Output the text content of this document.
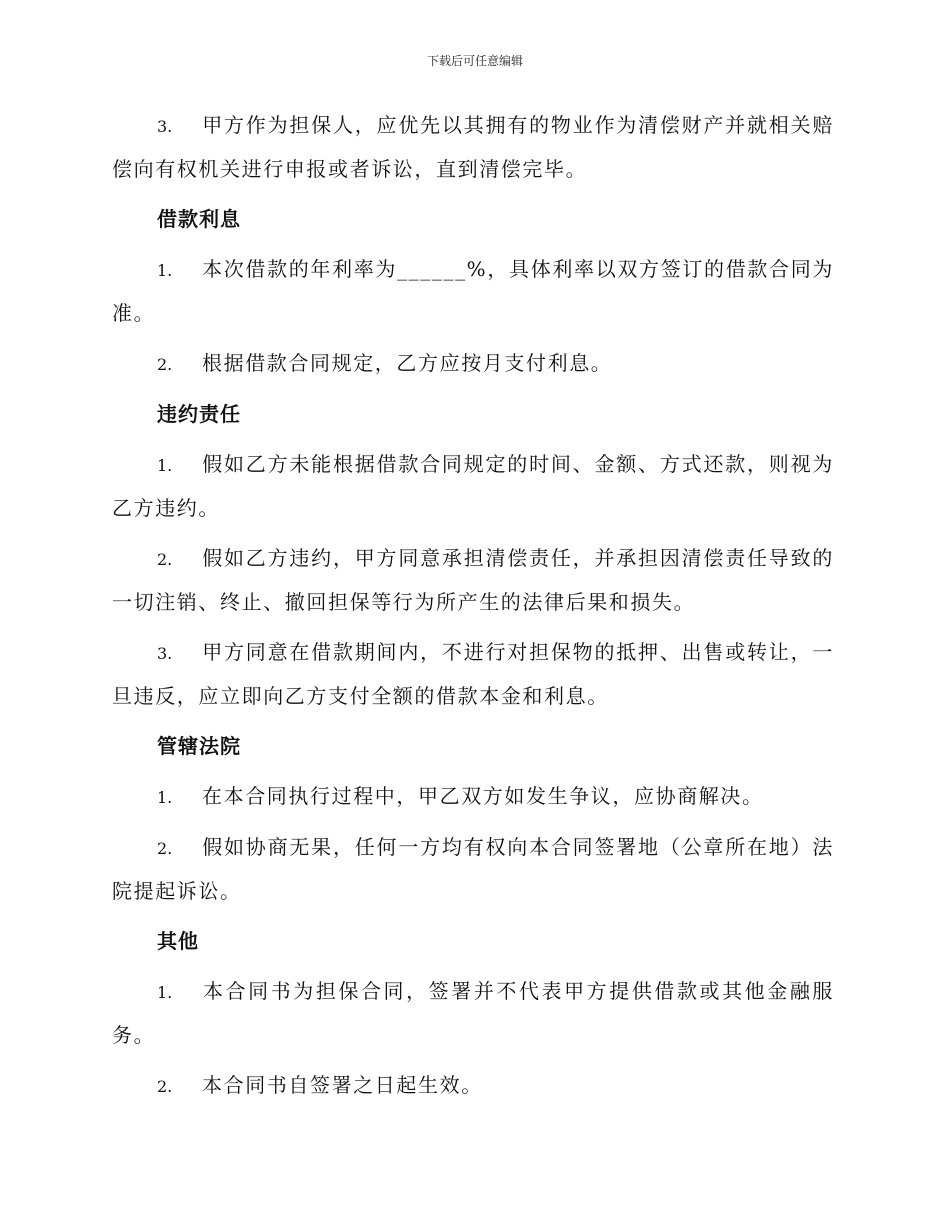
下载后可任意编辑

3. 甲方作为担保人，应优先以其拥有的物业作为清偿财产并就相关赔偿向有权机关进行申报或者诉讼，直到清偿完毕。

借款利息

1. 本次借款的年利率为______%，具体利率以双方签订的借款合同为准。

2. 根据借款合同规定，乙方应按月支付利息。

违约责任

1. 假如乙方未能根据借款合同规定的时间、金额、方式还款，则视为乙方违约。

2. 假如乙方违约，甲方同意承担清偿责任，并承担因清偿责任导致的一切注销、终止、撤回担保等行为所产生的法律后果和损失。

3. 甲方同意在借款期间内，不进行对担保物的抵押、出售或转让，一旦违反，应立即向乙方支付全额的借款本金和利息。

管辖法院

1. 在本合同执行过程中，甲乙双方如发生争议，应协商解决。

2. 假如协商无果，任何一方均有权向本合同签署地（公章所在地）法院提起诉讼。

其他

1. 本合同书为担保合同，签署并不代表甲方提供借款或其他金融服务。

2. 本合同书自签署之日起生效。
